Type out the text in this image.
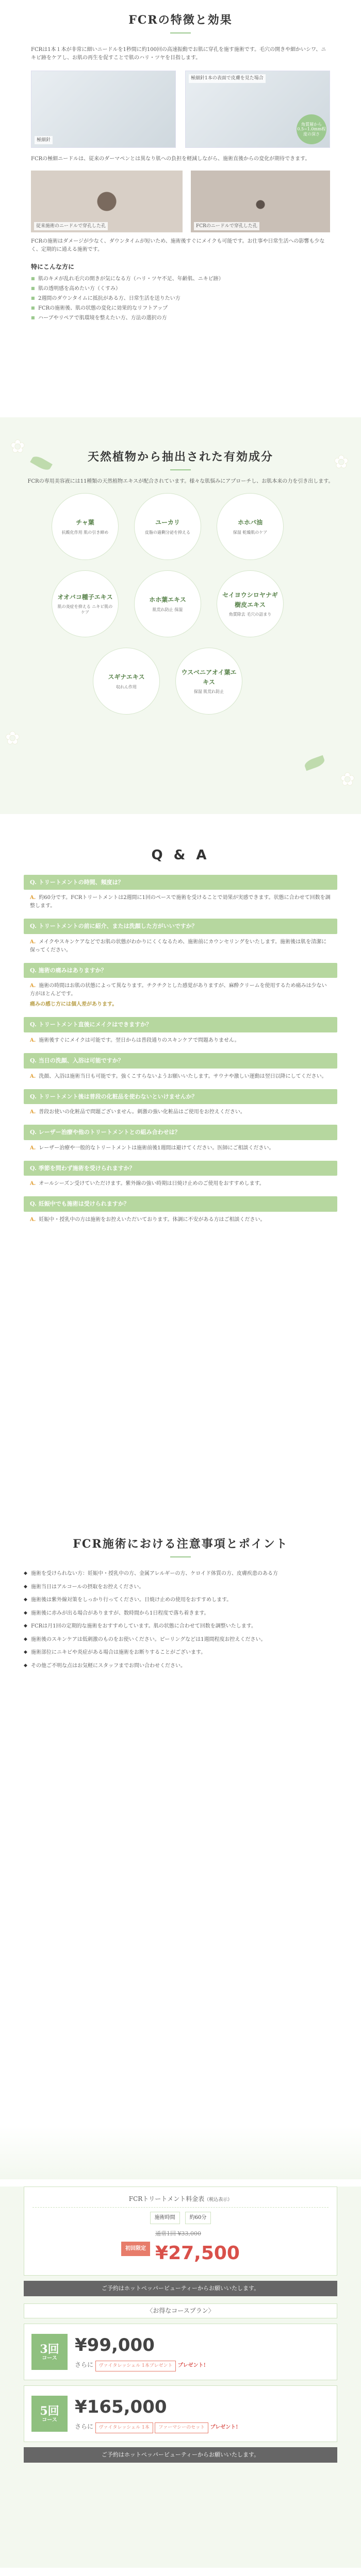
FCRの特徴と効果

FCRは1本１本が非常に細いニードルを1秒間に約100回の高速振動でお肌に穿孔を施す施術です。毛穴の開きや細かいシワ、ニキビ跡をケアし、お肌の再生を促すことで肌のハリ・ツヤを目指します。

極細針
極細針1本の表面で皮膚を見た場合
角質層から0.5~1.0mm程度の深さ

FCRの極細ニードルは、従来のダーマペンとは異なり肌への負担を軽減しながら、施術直後からの変化が期待できます。

従来施術のニードルで穿孔した孔	FCRのニードルで穿孔した孔

FCRの施術はダメージが少なく、ダウンタイムが短いため、施術後すぐにメイクも可能です。お仕事や日常生活への影響も少なく、定期的に通える施術です。

特にこんな方に
■ 肌のキメが乱れ毛穴の開きが気になる方（ハリ・ツヤ不足、年齢肌、ニキビ跡）
■ 肌の透明感を高めたい方（くすみ）
■ 2週間のダウンタイムに抵抗がある方、日常生活を送りたい方
■ FCRの施術後、肌の状態の変化に効果的なリフトアップ
■ ハーブやリペアで肌環境を整えたい方、方法の選択の方
✿
✿
✿
✿
天然植物から抽出された有効成分

FCRの専用美容液には11種類の天然植物エキスが配合されています。様々な肌悩みにアプローチし、お肌本来の力を引き出します。

チャ葉
抗酸化作用 肌の引き締め
ユーカリ
皮脂の過剰分泌を抑える
ホホバ油
保湿 乾燥肌のケア
オオバコ種子エキス
肌の炎症を抑える ニキビ肌のケア
ホホ葉エキス
肌荒れ防止 保湿
セイヨウシロヤナギ樹皮エキス
角質除去 毛穴の詰まり
スギナエキス
収れん作用
ウスベニアオイ葉エキス
保湿 肌荒れ防止
Q & A
Q. トリートメントの時間、頻度は？
A. 約60分です。FCRトリートメントは2週間に1回のペースで施術を受けることで効果が実感できます。状態に合わせて回数を調整します。
Q. トリートメントの前に紹介、または洗顔した方がいいですか？
A. メイクやスキンケアなどでお肌の状態がわかりにくくなるため、施術前にカウンセリングをいたします。施術後は肌を清潔に保ってください。
Q. 施術の痛みはありますか？
A. 施術の時間はお肌の状態によって異なります。チクチクとした感覚がありますが、麻酔クリームを使用するため痛みは少ない方がほとんどです。
痛みの感じ方には個人差があります。
Q. トリートメント直後にメイクはできますか？
A. 施術後すぐにメイクは可能です。翌日からは普段通りのスキンケアで問題ありません。
Q. 当日の洗顔、入浴は可能ですか？
A. 洗顔、入浴は施術当日も可能です。強くこすらないようお願いいたします。サウナや激しい運動は翌日以降にしてください。
Q. トリートメント後は普段の化粧品を使わないといけませんか？
A. 普段お使いの化粧品で問題ございません。刺激の強い化粧品はご使用をお控えください。
Q. レーザー治療や他のトリートメントとの組み合わせは？
A. レーザー治療や一般的なトリートメントは施術前後1週間は避けてください。医師にご相談ください。
Q. 季節を問わず施術を受けられますか？
A. オールシーズン受けていただけます。紫外線の強い時期は日焼け止めのご使用をおすすめします。
Q. 妊娠中でも施術は受けられますか？
A. 妊娠中・授乳中の方は施術をお控えいただいております。体調に不安がある方はご相談ください。
FCR施術における注意事項とポイント
◆ 施術を受けられない方：妊娠中・授乳中の方、金属アレルギーの方、ケロイド体質の方、皮膚疾患のある方
◆ 施術当日はアルコールの摂取をお控えください。
◆ 施術後は紫外線対策をしっかり行ってください。日焼け止めの使用をおすすめします。
◆ 施術後に赤みが出る場合がありますが、数時間から1日程度で落ち着きます。
◆ FCRは月1回の定期的な施術をおすすめしています。肌の状態に合わせて回数を調整いたします。
◆ 施術後のスキンケアは低刺激のものをお使いください。ピーリングなどは1週間程度お控えください。
◆ 施術部位にニキビや炎症がある場合は施術をお断りすることがございます。
◆ その他ご不明な点はお気軽にスタッフまでお問い合わせください。
FCRトリートメント料金表（税込表示）
施術時間	約60分
初回限定
通常1回 ¥33,000
¥27,500
ご予約はホットペッパービューティーからお願いいたします。
〈お得なコースプラン〉
3回
コース
¥99,000
さらに ヴァイタレッシェル 1本プレゼント プレゼント!
5回
コース
¥165,000
さらに ヴァイタレッシェル 1本 ファーマシーのセット プレゼント!
ご予約はホットペッパービューティーからお願いいたします。
